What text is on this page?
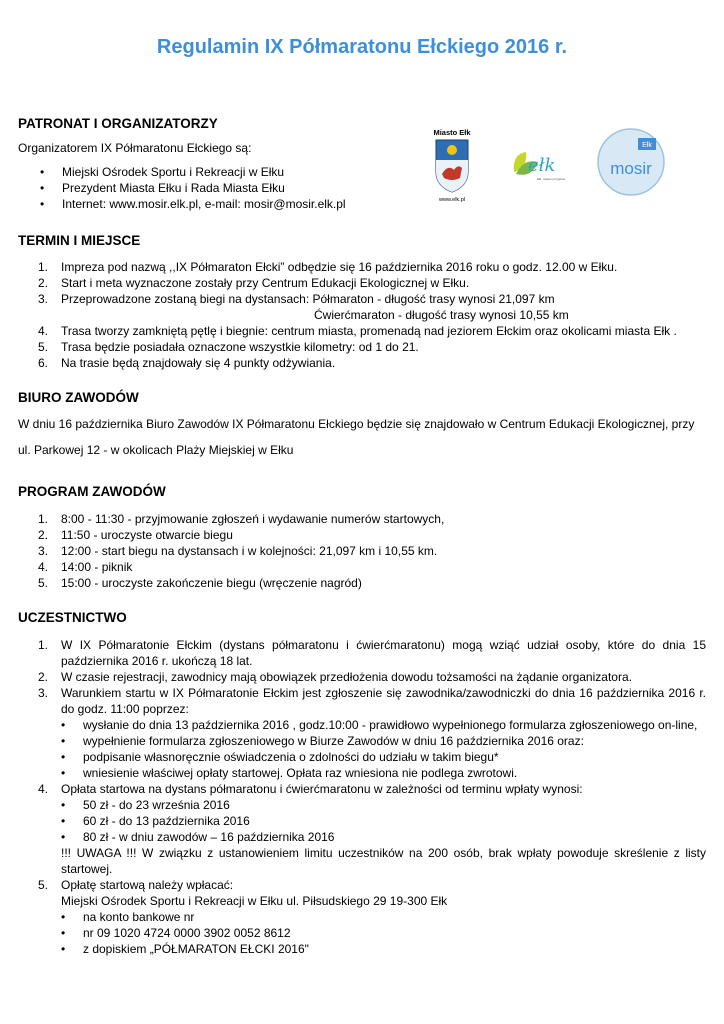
Regulamin IX Półmaratonu Ełckiego 2016 r.
PATRONAT I ORGANIZATORZY

Organizatorem IX Półmaratonu Ełckiego są:

• Miejski Ośrodek Sportu i Rekreacji w Ełku
• Prezydent Miasta Ełku i Rada Miasta Ełku
• Internet: www.mosir.elk.pl, e-mail: mosir@mosir.elk.pl
Miasto Ełk
www.elk.pl
ełk
Ełk, miasto przyjazne
Ełk
mosir
TERMIN I MIEJSCE
1. Impreza pod nazwą ,,IX Półmaraton Ełcki” odbędzie się 16 października 2016 roku o godz. 12.00 w Ełku.
2. Start i meta wyznaczone zostały przy Centrum Edukacji Ekologicznej w Ełku.
3. Przeprowadzone zostaną biegi na dystansach: Półmaraton - długość trasy wynosi 21,097 km
Ćwierćmaraton - długość trasy wynosi 10,55 km
4. Trasa tworzy zamkniętą pętlę i biegnie: centrum miasta, promenadą nad jeziorem Ełckim oraz okolicami miasta Ełk .
5. Trasa będzie posiadała oznaczone wszystkie kilometry: od 1 do 21.
6. Na trasie będą znajdowały się 4 punkty odżywiania.
BIURO ZAWODÓW

W dniu 16 października Biuro Zawodów IX Półmaratonu Ełckiego będzie się znajdowało w Centrum Edukacji Ekologicznej, przy

ul. Parkowej 12 - w okolicach Plaży Miejskiej w Ełku

PROGRAM ZAWODÓW
1. 8:00 - 11:30 - przyjmowanie zgłoszeń i wydawanie numerów startowych,
2. 11:50 - uroczyste otwarcie biegu
3. 12:00 - start biegu na dystansach i w kolejności: 21,097 km i 10,55 km.
4. 14:00 - piknik
5. 15:00 - uroczyste zakończenie biegu (wręczenie nagród)
UCZESTNICTWO
1. W IX Półmaratonie Ełckim (dystans półmaratonu i ćwierćmaratonu) mogą wziąć udział osoby, które do dnia 15 października 2016 r. ukończą 18 lat.
2. W czasie rejestracji, zawodnicy mają obowiązek przedłożenia dowodu tożsamości na żądanie organizatora.
3. Warunkiem startu w IX Półmaratonie Ełckim jest zgłoszenie się zawodnika/zawodniczki do dnia 16 października 2016 r. do godz. 11:00 poprzez:
• wysłanie do dnia 13 października 2016 , godz.10:00 - prawidłowo wypełnionego formularza zgłoszeniowego on-line,
• wypełnienie formularza zgłoszeniowego w Biurze Zawodów w dniu 16 października 2016 oraz:
• podpisanie własnoręcznie oświadczenia o zdolności do udziału w takim biegu*
• wniesienie właściwej opłaty startowej. Opłata raz wniesiona nie podlega zwrotowi.
4. Opłata startowa na dystans półmaratonu i ćwierćmaratonu w zależności od terminu wpłaty wynosi:
• 50 zł - do 23 września 2016
• 60 zł - do 13 października 2016
• 80 zł - w dniu zawodów – 16 października 2016
!!! UWAGA !!! W związku z ustanowieniem limitu uczestników na 200 osób, brak wpłaty powoduje skreślenie z listy startowej.
5. Opłatę startową należy wpłacać:
Miejski Ośrodek Sportu i Rekreacji w Ełku ul. Piłsudskiego 29 19-300 Ełk
• na konto bankowe nr
• nr 09 1020 4724 0000 3902 0052 8612
• z dopiskiem „PÓŁMARATON EŁCKI 2016"
